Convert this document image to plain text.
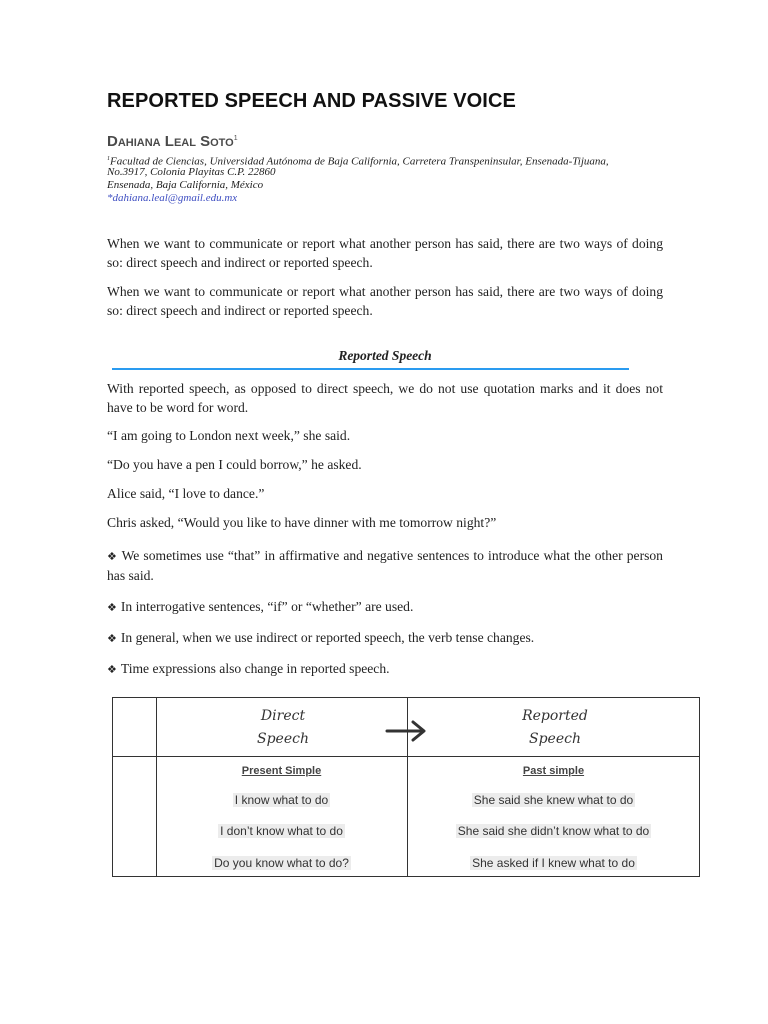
REPORTED SPEECH AND PASSIVE VOICE
Dahiana Leal Soto$^1$
$^1$Facultad de Ciencias, Universidad Autónoma de Baja California, Carretera Transpeninsular, Ensenada-Tijuana,
No.3917, Colonia Playitas C.P. 22860
Ensenada, Baja California, México
*dahiana.leal@gmail.edu.mx
When we want to communicate or report what another person has said, there are two ways of doing so: direct speech and indirect or reported speech.
When we want to communicate or report what another person has said, there are two ways of doing so: direct speech and indirect or reported speech.
Reported Speech
With reported speech, as opposed to direct speech, we do not use quotation marks and it does not have to be word for word.
“I am going to London next week,” she said.
“Do you have a pen I could borrow,” he asked.
Alice said, “I love to dance.”
Chris asked, “Would you like to have dinner with me tomorrow night?”
❖ We sometimes use “that” in affirmative and negative sentences to introduce what the other person has said.
❖ In interrogative sentences, “if” or “whether” are used.
❖ In general, when we use indirect or reported speech, the verb tense changes.
❖ Time expressions also change in reported speech.
Direct
Speech
Reported
Speech
Present Simple	Past simple
I know what to do
I don’t know what to do
Do you know what to do?
She said she knew what to do
She said she didn’t know what to do
She asked if I knew what to do
